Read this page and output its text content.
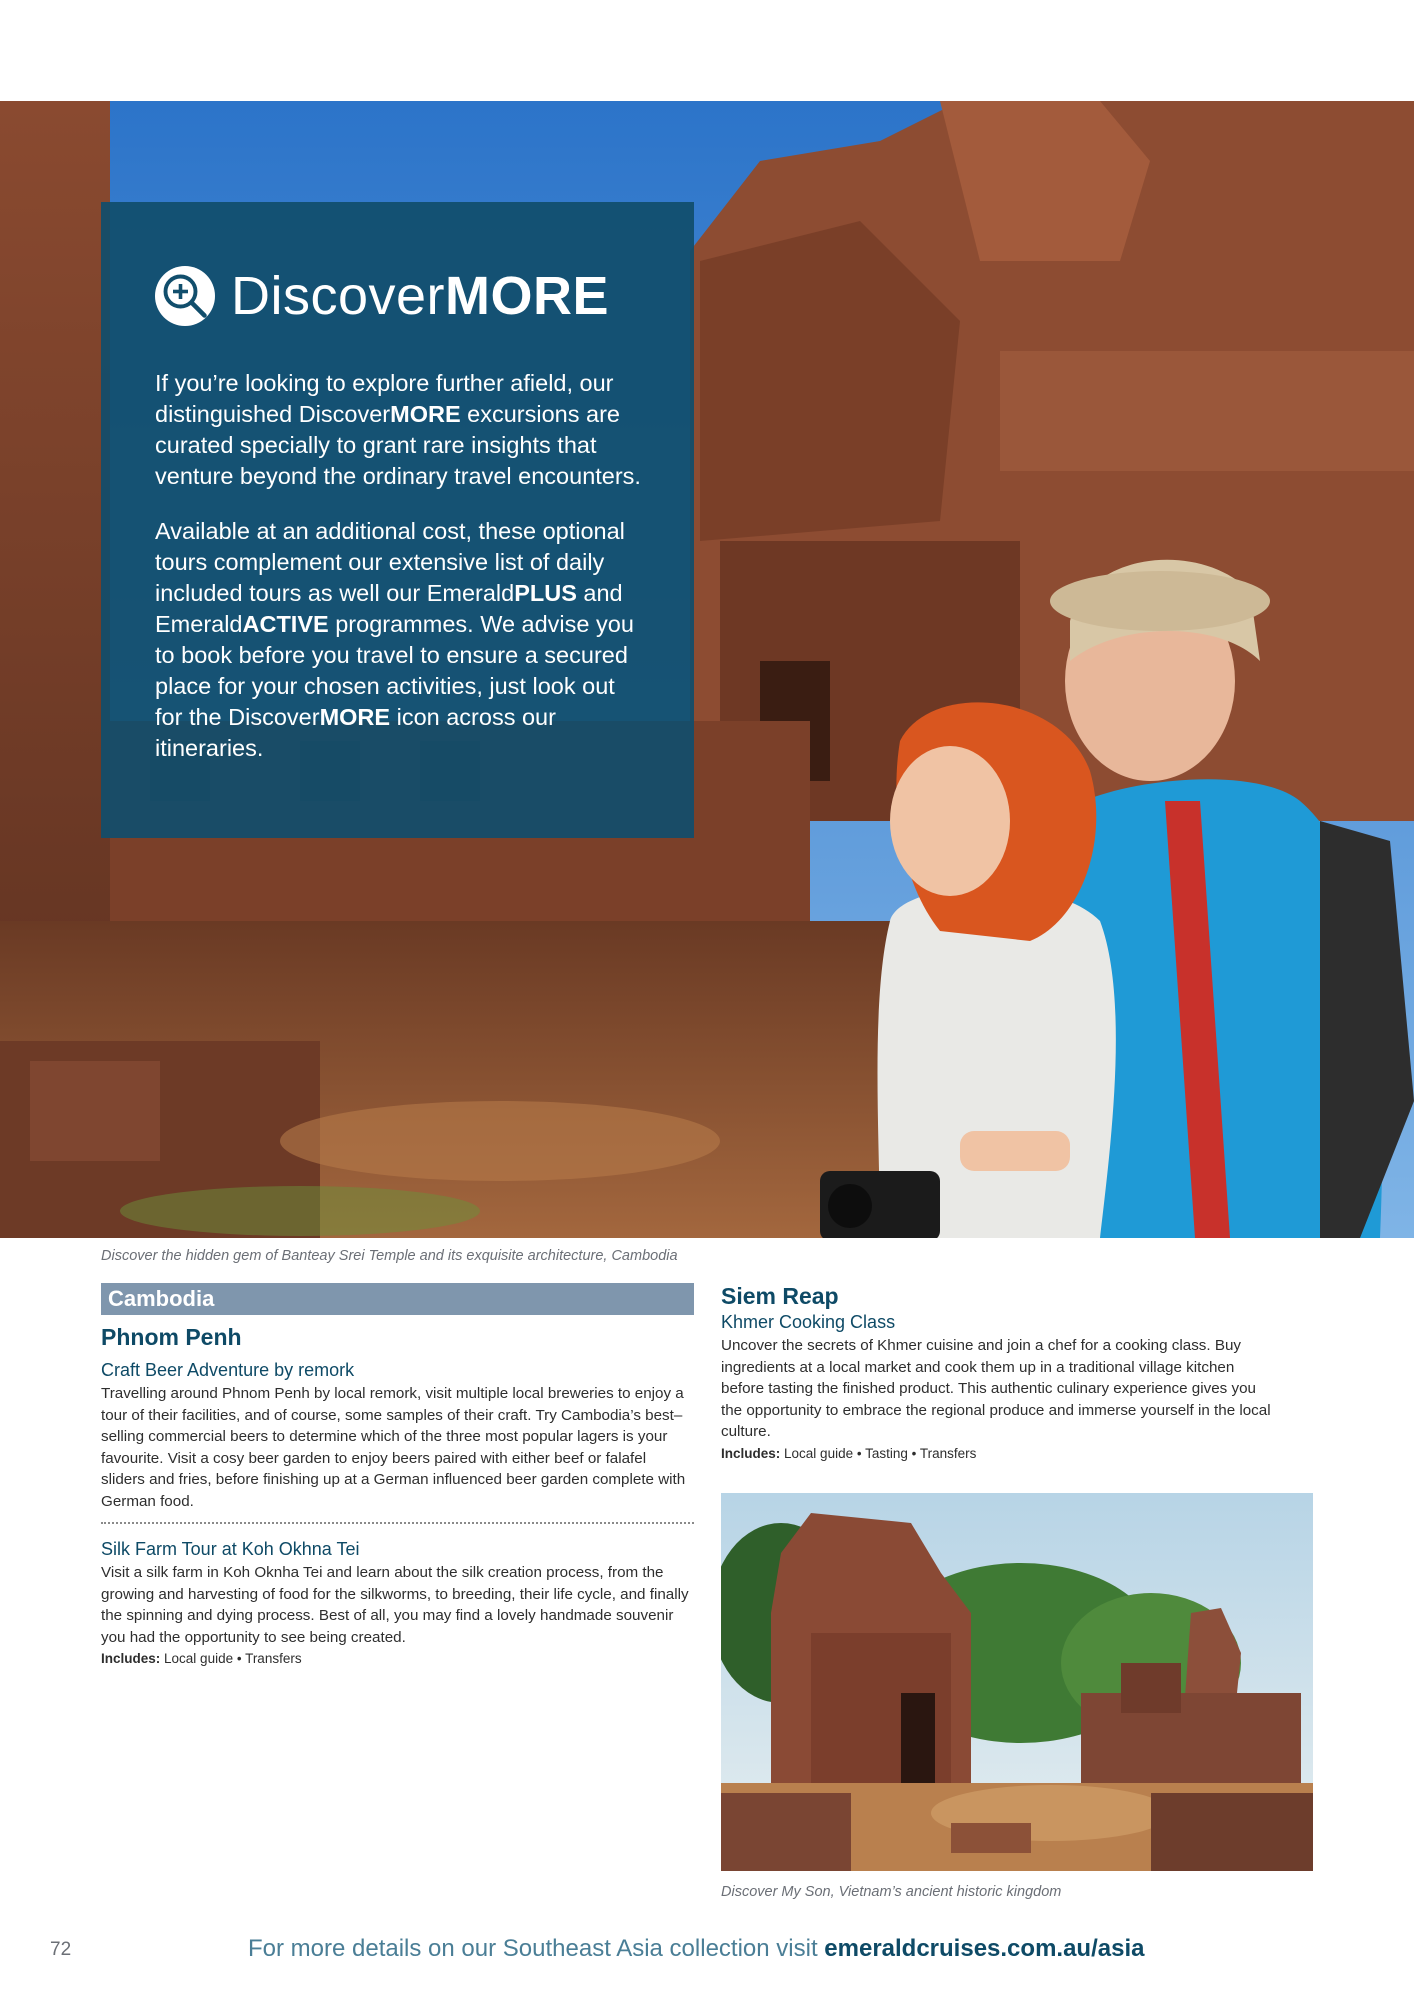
DiscoverMORE

If you’re looking to explore further afield, our distinguished DiscoverMORE excursions are curated specially to grant rare insights that venture beyond the ordinary travel encounters.

Available at an additional cost, these optional tours complement our extensive list of daily included tours as well our EmeraldPLUS and EmeraldACTIVE programmes. We advise you to book before you travel to ensure a secured place for your chosen activities, just look out for the DiscoverMORE icon across our itineraries.

Discover the hidden gem of Banteay Srei Temple and its exquisite architecture, Cambodia
Cambodia
Phnom Penh
Craft Beer Adventure by remork
Travelling around Phnom Penh by local remork, visit multiple local breweries to enjoy a tour of their facilities, and of course, some samples of their craft. Try Cambodia’s best–selling commercial beers to determine which of the three most popular lagers is your favourite. Visit a cosy beer garden to enjoy beers paired with either beef or falafel sliders and fries, before finishing up at a German influenced beer garden complete with German food.
Silk Farm Tour at Koh Okhna Tei
Visit a silk farm in Koh Oknha Tei and learn about the silk creation process, from the growing and harvesting of food for the silkworms, to breeding, their life cycle, and finally the spinning and dying process. Best of all, you may find a lovely handmade souvenir you had the opportunity to see being created.
Includes: Local guide • Transfers
Siem Reap
Khmer Cooking Class
Uncover the secrets of Khmer cuisine and join a chef for a cooking class. Buy ingredients at a local market and cook them up in a traditional village kitchen before tasting the finished product. This authentic culinary experience gives you the opportunity to embrace the regional produce and immerse yourself in the local culture.
Includes: Local guide • Tasting • Transfers
Discover My Son, Vietnam’s ancient historic kingdom
72	For more details on our Southeast Asia collection visit emeraldcruises.com.au/asia
